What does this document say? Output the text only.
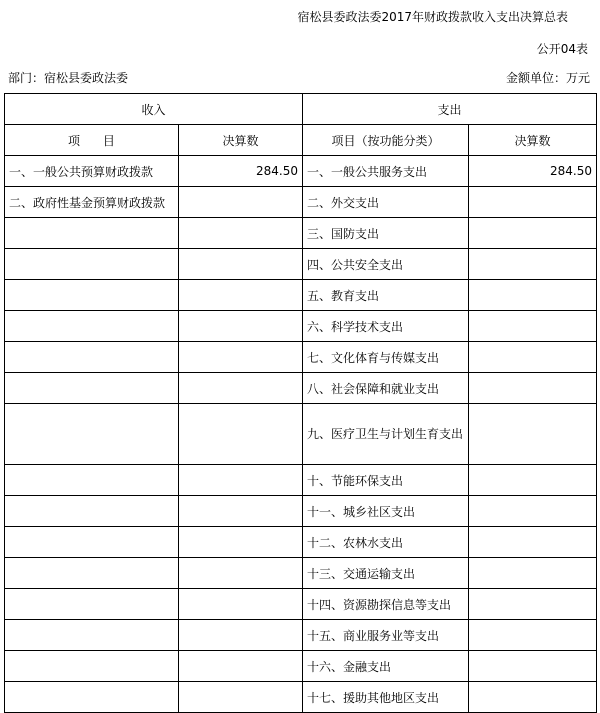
宿松县委政法委2017年财政拨款收入支出决算总表
公开04表
部门：宿松县委政法委	金额单位：万元
收入		支出	
项      目	决算数	项目（按功能分类）	决算数
一、一般公共预算财政拨款	284.50	一、一般公共服务支出	284.50
二、政府性基金预算财政拨款		二、外交支出	
		三、国防支出	
		四、公共安全支出	
		五、教育支出	
		六、科学技术支出	
		七、文化体育与传媒支出	
		八、社会保障和就业支出	
		九、医疗卫生与计划生育支出	
		十、节能环保支出	
		十一、城乡社区支出	
		十二、农林水支出	
		十三、交通运输支出	
		十四、资源勘探信息等支出	
		十五、商业服务业等支出	
		十六、金融支出	
		十七、援助其他地区支出	
